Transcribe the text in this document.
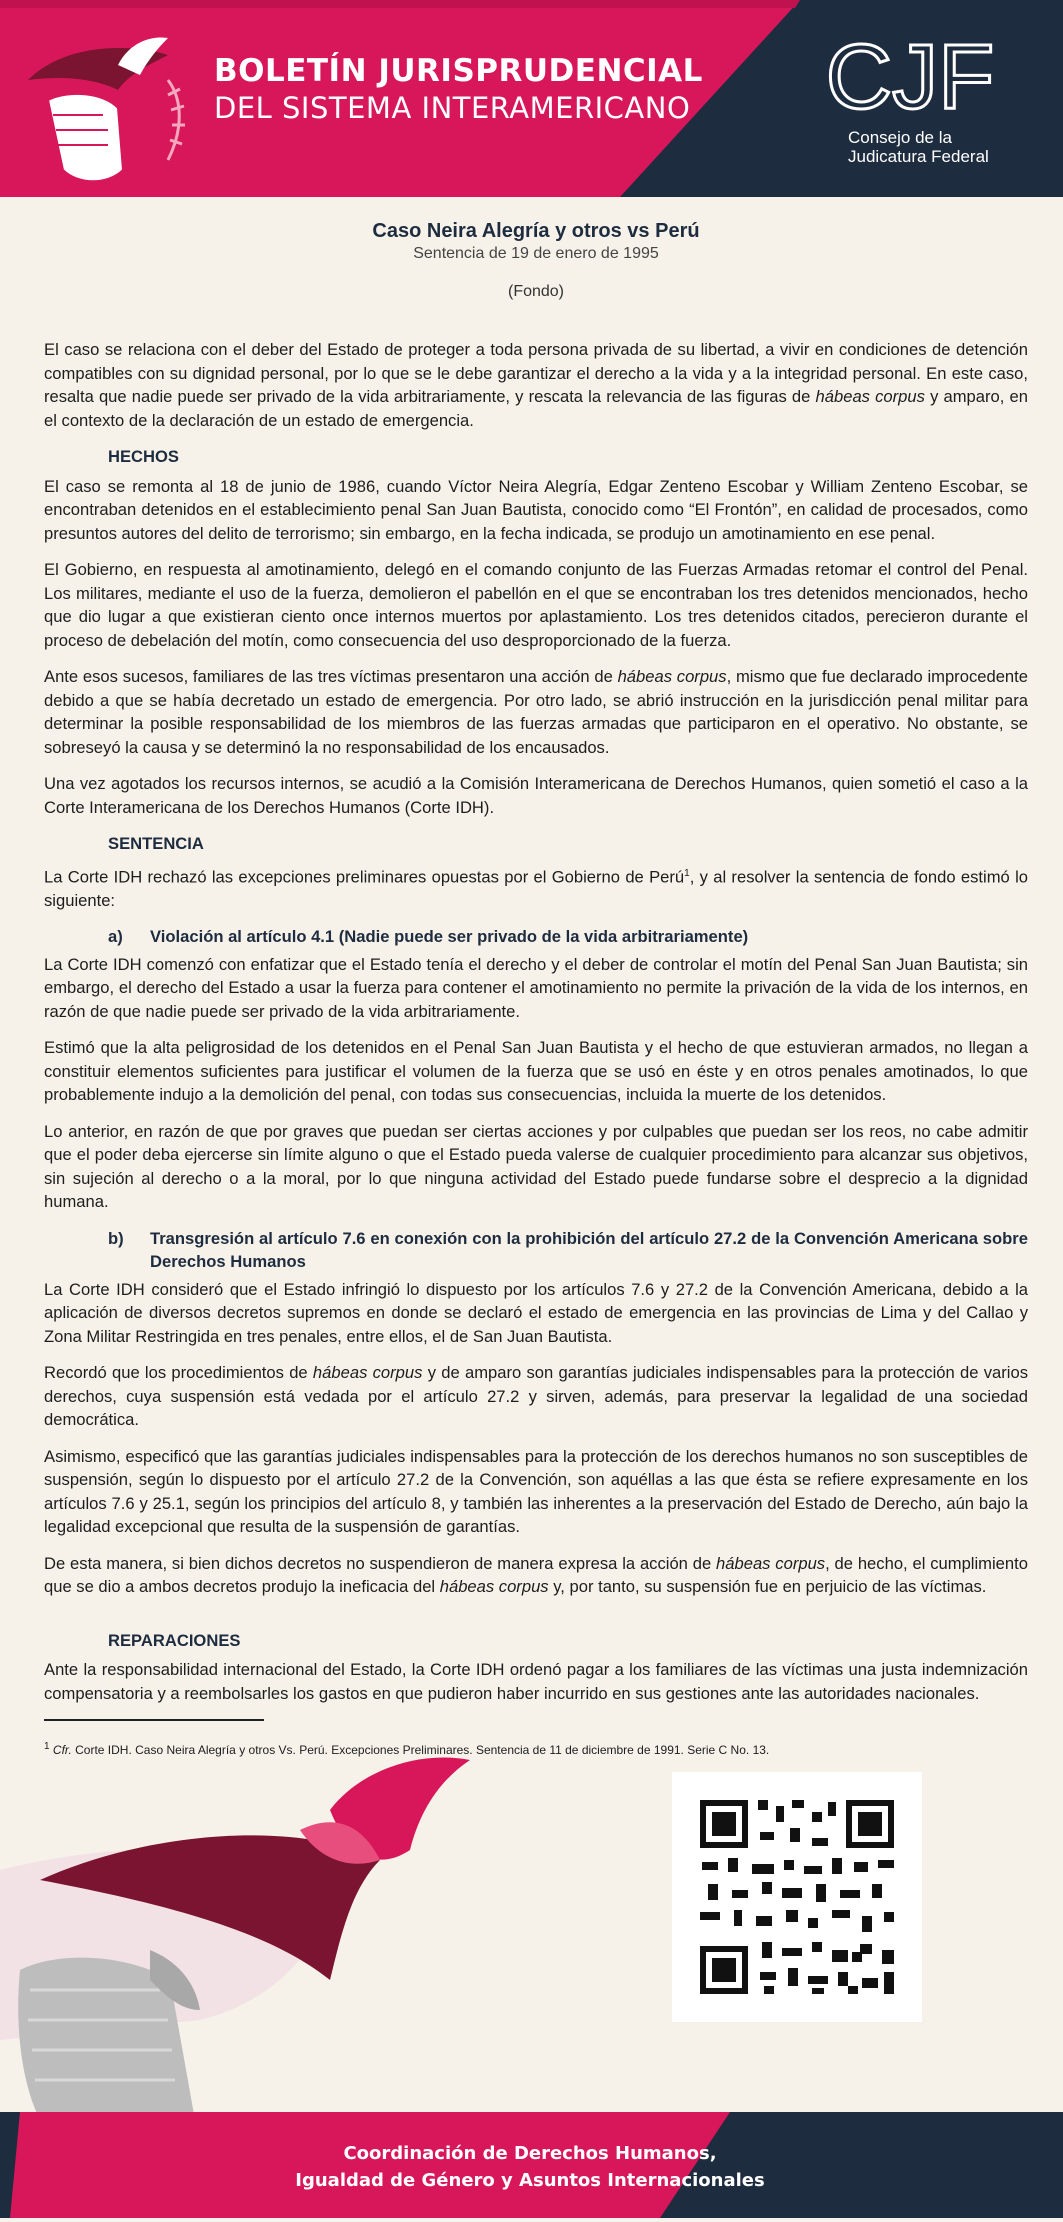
BOLETÍN JURISPRUDENCIAL
DEL SISTEMA INTERAMERICANO CJF
Consejo de la
Judicatura Federal
Caso Neira Alegría y otros vs Perú
Sentencia de 19 de enero de 1995
(Fondo)

El caso se relaciona con el deber del Estado de proteger a toda persona privada de su libertad, a vivir en condiciones de detención compatibles con su dignidad personal, por lo que se le debe garantizar el derecho a la vida y a la integridad personal. En este caso, resalta que nadie puede ser privado de la vida arbitrariamente, y rescata la relevancia de las figuras de hábeas corpus y amparo, en el contexto de la declaración de un estado de emergencia.

HECHOS

El caso se remonta al 18 de junio de 1986, cuando Víctor Neira Alegría, Edgar Zenteno Escobar y William Zenteno Escobar, se encontraban detenidos en el establecimiento penal San Juan Bautista, conocido como “El Frontón”, en calidad de procesados, como presuntos autores del delito de terrorismo; sin embargo, en la fecha indicada, se produjo un amotinamiento en ese penal.

El Gobierno, en respuesta al amotinamiento, delegó en el comando conjunto de las Fuerzas Armadas retomar el control del Penal. Los militares, mediante el uso de la fuerza, demolieron el pabellón en el que se encontraban los tres detenidos mencionados, hecho que dio lugar a que existieran ciento once internos muertos por aplastamiento. Los tres detenidos citados, perecieron durante el proceso de debelación del motín, como consecuencia del uso desproporcionado de la fuerza.

Ante esos sucesos, familiares de las tres víctimas presentaron una acción de hábeas corpus, mismo que fue declarado improcedente debido a que se había decretado un estado de emergencia. Por otro lado, se abrió instrucción en la jurisdicción penal militar para determinar la posible responsabilidad de los miembros de las fuerzas armadas que participaron en el operativo. No obstante, se sobreseyó la causa y se determinó la no responsabilidad de los encausados.

Una vez agotados los recursos internos, se acudió a la Comisión Interamericana de Derechos Humanos, quien sometió el caso a la Corte Interamericana de los Derechos Humanos (Corte IDH).

SENTENCIA

La Corte IDH rechazó las excepciones preliminares opuestas por el Gobierno de Perú$^1$, y al resolver la sentencia de fondo estimó lo siguiente:

a)	Violación al artículo 4.1 (Nadie puede ser privado de la vida arbitrariamente)

La Corte IDH comenzó con enfatizar que el Estado tenía el derecho y el deber de controlar el motín del Penal San Juan Bautista; sin embargo, el derecho del Estado a usar la fuerza para contener el amotinamiento no permite la privación de la vida de los internos, en razón de que nadie puede ser privado de la vida arbitrariamente.

Estimó que la alta peligrosidad de los detenidos en el Penal San Juan Bautista y el hecho de que estuvieran armados, no llegan a constituir elementos suficientes para justificar el volumen de la fuerza que se usó en éste y en otros penales amotinados, lo que probablemente indujo a la demolición del penal, con todas sus consecuencias, incluida la muerte de los detenidos.

Lo anterior, en razón de que por graves que puedan ser ciertas acciones y por culpables que puedan ser los reos, no cabe admitir que el poder deba ejercerse sin límite alguno o que el Estado pueda valerse de cualquier procedimiento para alcanzar sus objetivos, sin sujeción al derecho o a la moral, por lo que ninguna actividad del Estado puede fundarse sobre el desprecio a la dignidad humana.

b)	Transgresión al artículo 7.6 en conexión con la prohibición del artículo 27.2 de la Convención Americana sobre Derechos Humanos

La Corte IDH consideró que el Estado infringió lo dispuesto por los artículos 7.6 y 27.2 de la Convención Americana, debido a la aplicación de diversos decretos supremos en donde se declaró el estado de emergencia en las provincias de Lima y del Callao y Zona Militar Restringida en tres penales, entre ellos, el de San Juan Bautista.

Recordó que los procedimientos de hábeas corpus y de amparo son garantías judiciales indispensables para la protección de varios derechos, cuya suspensión está vedada por el artículo 27.2 y sirven, además, para preservar la legalidad de una sociedad democrática.

Asimismo, especificó que las garantías judiciales indispensables para la protección de los derechos humanos no son susceptibles de suspensión, según lo dispuesto por el artículo 27.2 de la Convención, son aquéllas a las que ésta se refiere expresamente en los artículos 7.6 y 25.1, según los principios del artículo 8, y también las inherentes a la preservación del Estado de Derecho, aún bajo la legalidad excepcional que resulta de la suspensión de garantías.

De esta manera, si bien dichos decretos no suspendieron de manera expresa la acción de hábeas corpus, de hecho, el cumplimiento que se dio a ambos decretos produjo la ineficacia del hábeas corpus y, por tanto, su suspensión fue en perjuicio de las víctimas.

REPARACIONES

Ante la responsabilidad internacional del Estado, la Corte IDH ordenó pagar a los familiares de las víctimas una justa indemnización compensatoria y a reembolsarles los gastos en que pudieron haber incurrido en sus gestiones ante las autoridades nacionales.

$^1$ Cfr. Corte IDH. Caso Neira Alegría y otros Vs. Perú. Excepciones Preliminares. Sentencia de 11 de diciembre de 1991. Serie C No. 13.
Coordinación de Derechos Humanos,
Igualdad de Género y Asuntos Internacionales
